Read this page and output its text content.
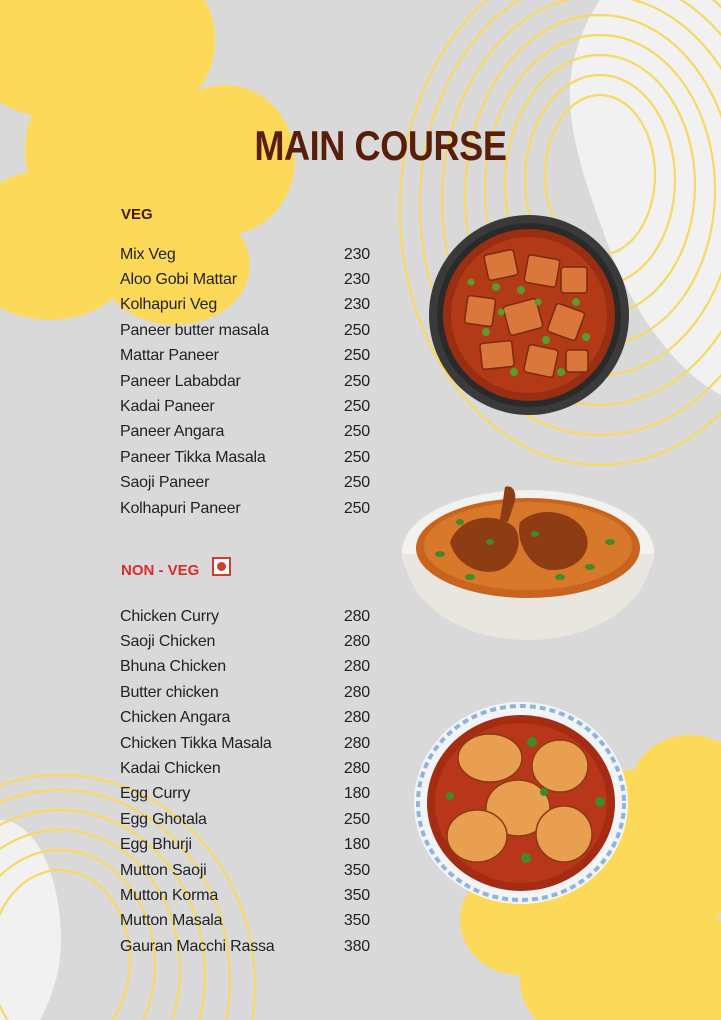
MAIN COURSE
VEG
Mix Veg	230
Aloo Gobi Mattar	230
Kolhapuri Veg	230
Paneer butter masala	250
Mattar Paneer	250
Paneer Lababdar	250
Kadai Paneer	250
Paneer Angara	250
Paneer Tikka Masala	250
Saoji Paneer	250
Kolhapuri Paneer	250
NON - VEG
Chicken Curry	280
Saoji Chicken	280
Bhuna Chicken	280
Butter chicken	280
Chicken Angara	280
Chicken Tikka Masala	280
Kadai Chicken	280
Egg Curry	180
Egg Ghotala	250
Egg Bhurji	180
Mutton Saoji	350
Mutton Korma	350
Mutton Masala	350
Gauran Macchi Rassa	380
